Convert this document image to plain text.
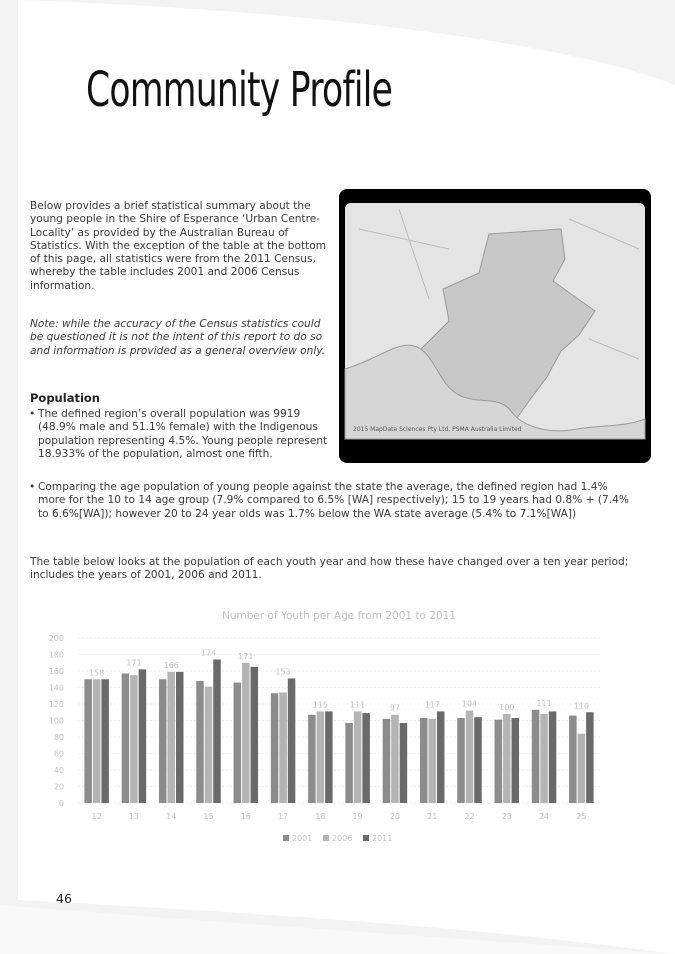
Community Profile

Below provides a brief statistical summary about the young people in the Shire of Esperance ‘Urban Centre-Locality’ as provided by the Australian Bureau of Statistics. With the exception of the table at the bottom of this page, all statistics were from the 2011 Census, whereby the table includes 2001 and 2006 Census information.

Note: while the accuracy of the Census statistics could be questioned it is not the intent of this report to do so and information is provided as a general overview only.

Population
• The defined region’s overall population was 9919 (48.9% male and 51.1% female) with the Indigenous population representing 4.5%. Young people represent 18.933% of the population, almost one fifth.
• Comparing the age population of young people against the state the average, the defined region had 1.4% more for the 10 to 14 age group (7.9% compared to 6.5% [WA] respectively); 15 to 19 years had 0.8% + (7.4% to 6.6%[WA]); however 20 to 24 year olds was 1.7% below the WA state average (5.4% to 7.1%[WA])
2015 MapData Sciences Pty Ltd, PSMA Australia Limited

The table below looks at the population of each youth year and how these have changed over a ten year period; includes the years of 2001, 2006 and 2011.

Number of Youth per Age from 2001 to 2011
200
180
160
140
120
100
80
60
40
20
0
158
12
171
13
166
14
174
15
171
16
153
17
115
18
111
19
97
20
117
21
104
22
100
23
111
24
110
25
2001 2006 2011

46
